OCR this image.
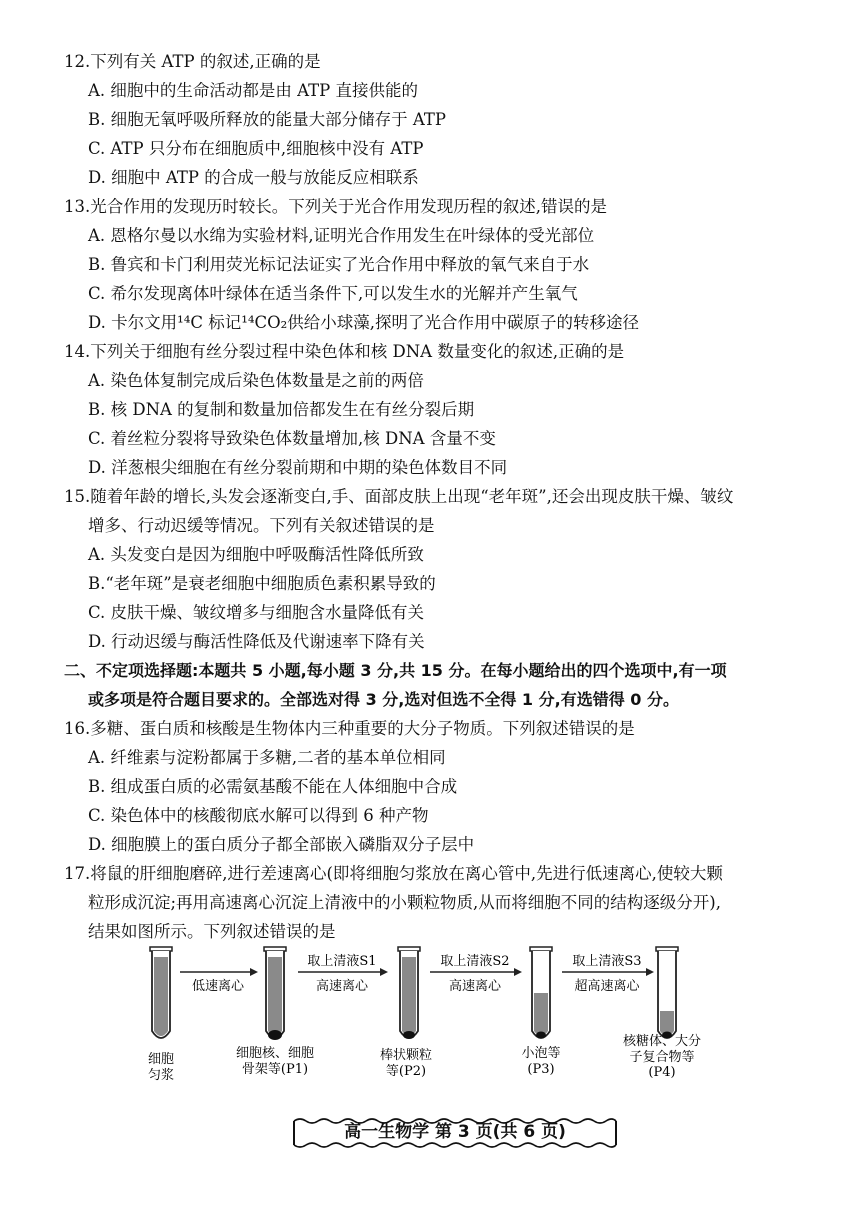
12.下列有关 ATP 的叙述,正确的是
A. 细胞中的生命活动都是由 ATP 直接供能的
B. 细胞无氧呼吸所释放的能量大部分储存于 ATP
C. ATP 只分布在细胞质中,细胞核中没有 ATP
D. 细胞中 ATP 的合成一般与放能反应相联系
13.光合作用的发现历时较长。下列关于光合作用发现历程的叙述,错误的是
A. 恩格尔曼以水绵为实验材料,证明光合作用发生在叶绿体的受光部位
B. 鲁宾和卡门利用荧光标记法证实了光合作用中释放的氧气来自于水
C. 希尔发现离体叶绿体在适当条件下,可以发生水的光解并产生氧气
D. 卡尔文用¹⁴C 标记¹⁴CO₂供给小球藻,探明了光合作用中碳原子的转移途径
14.下列关于细胞有丝分裂过程中染色体和核 DNA 数量变化的叙述,正确的是
A. 染色体复制完成后染色体数量是之前的两倍
B. 核 DNA 的复制和数量加倍都发生在有丝分裂后期
C. 着丝粒分裂将导致染色体数量增加,核 DNA 含量不变
D. 洋葱根尖细胞在有丝分裂前期和中期的染色体数目不同
15.随着年龄的增长,头发会逐渐变白,手、面部皮肤上出现“老年斑”,还会出现皮肤干燥、皱纹
增多、行动迟缓等情况。下列有关叙述错误的是
A. 头发变白是因为细胞中呼吸酶活性降低所致
B.“老年斑”是衰老细胞中细胞质色素积累导致的
C. 皮肤干燥、皱纹增多与细胞含水量降低有关
D. 行动迟缓与酶活性降低及代谢速率下降有关
二、不定项选择题:本题共 5 小题,每小题 3 分,共 15 分。在每小题给出的四个选项中,有一项
或多项是符合题目要求的。全部选对得 3 分,选对但选不全得 1 分,有选错得 0 分。
16.多糖、蛋白质和核酸是生物体内三种重要的大分子物质。下列叙述错误的是
A. 纤维素与淀粉都属于多糖,二者的基本单位相同
B. 组成蛋白质的必需氨基酸不能在人体细胞中合成
C. 染色体中的核酸彻底水解可以得到 6 种产物
D. 细胞膜上的蛋白质分子都全部嵌入磷脂双分子层中
17.将鼠的肝细胞磨碎,进行差速离心(即将细胞匀浆放在离心管中,先进行低速离心,使较大颗
粒形成沉淀;再用高速离心沉淀上清液中的小颗粒物质,从而将细胞不同的结构逐级分开),
结果如图所示。下列叙述错误的是
低速离心
取上清液S1
高速离心
取上清液S2
高速离心
取上清液S3
超高速离心
细胞
匀浆
细胞核、细胞
骨架等(P1)
棒状颗粒
等(P2)
小泡等
(P3)
核糖体、大分
子复合物等
(P4)
高一生物学 第 3 页(共 6 页)
